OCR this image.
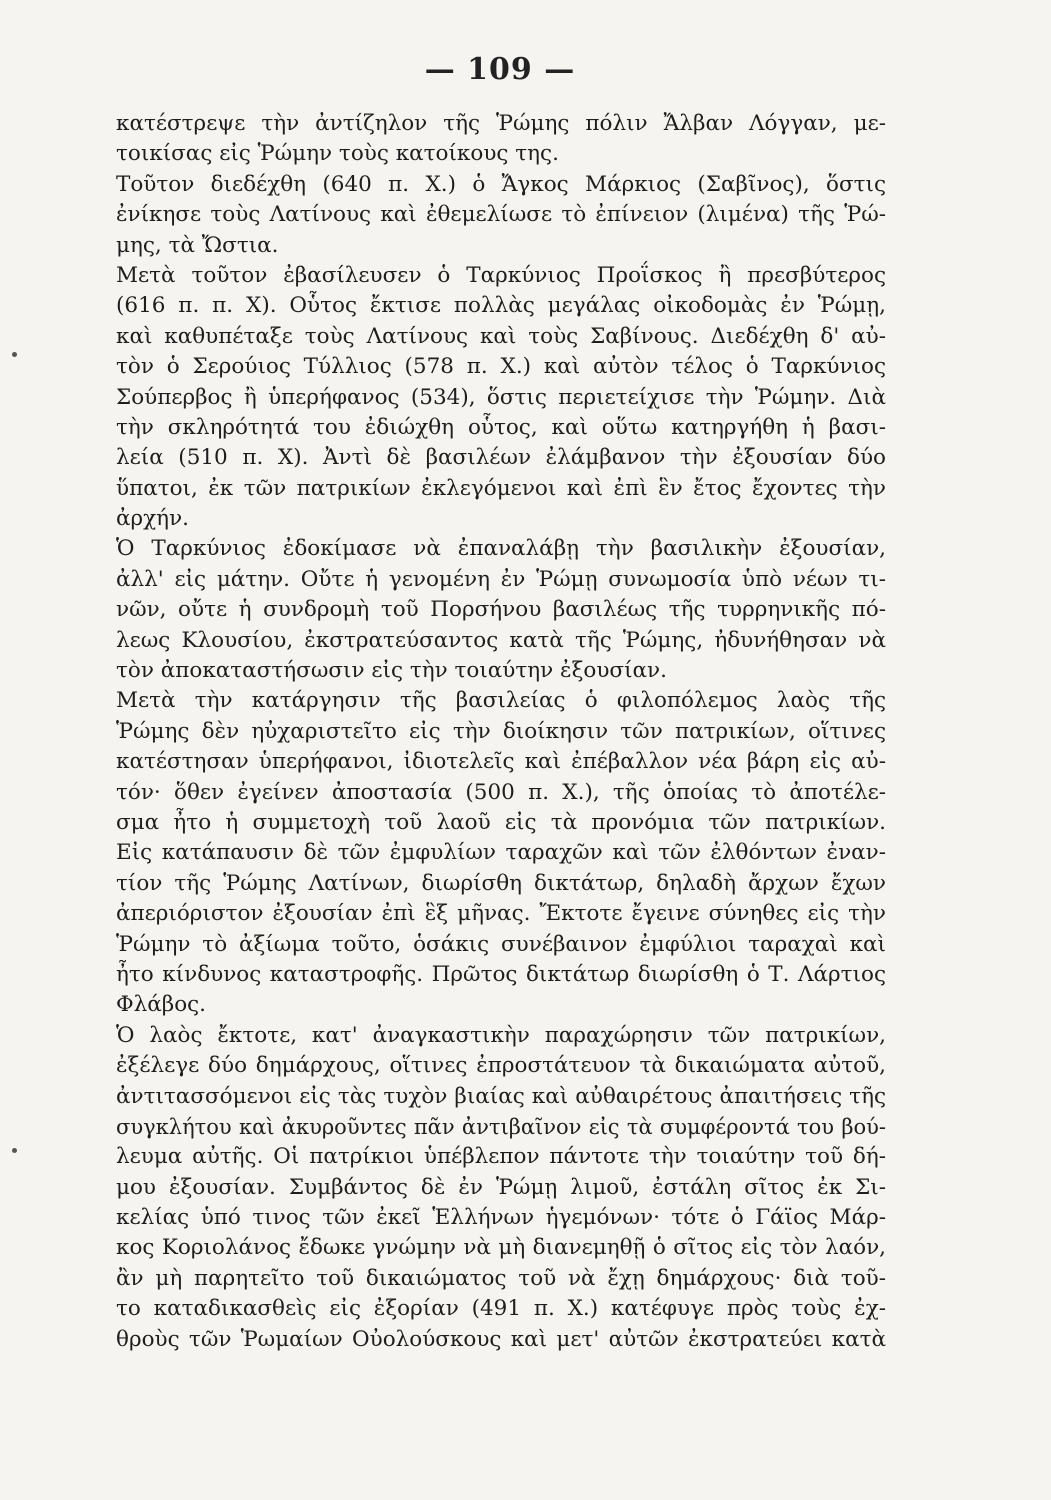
— 109 —
κατέστρεψε τὴν ἀντίζηλον τῆς Ῥώμης πόλιν Ἄλβαν Λόγγαν, με-
τοικίσας εἰς Ῥώμην τοὺς κατοίκους της.
Τοῦτον διεδέχθη (640 π. Χ.) ὁ Ἄγκος Μάρκιος (Σαβῖνος), ὅστις
ἐνίκησε τοὺς Λατίνους καὶ ἐθεμελίωσε τὸ ἐπίνειον (λιμένα) τῆς Ῥώ-
μης, τὰ Ὤστια.
Μετὰ τοῦτον ἐβασίλευσεν ὁ Ταρκύνιος Πρoΐσκος ἢ πρεσβύτερος
(616 π. π. Χ). Οὗτος ἔκτισε πολλὰς μεγάλας οἰκοδομὰς ἐν Ῥώμῃ,
καὶ καθυπέταξε τοὺς Λατίνους καὶ τοὺς Σαβίνους. Διεδέχθη δ' αὐ-
τὸν ὁ Σερούιος Τύλλιος (578 π. Χ.) καὶ αὐτὸν τέλος ὁ Ταρκύνιος
Σούπερβος ἢ ὑπερήφανος (534), ὅστις περιετείχισε τὴν Ῥώμην. Διὰ
τὴν σκληρότητά του ἐδιώχθη οὗτος, καὶ οὕτω κατηργήθη ἡ βασι-
λεία (510 π. Χ). Ἀντὶ δὲ βασιλέων ἐλάμβανον τὴν ἐξουσίαν δύο
ὕπατοι, ἐκ τῶν πατρικίων ἐκλεγόμενοι καὶ ἐπὶ ἓν ἔτος ἔχοντες τὴν
ἀρχήν.
Ὁ Ταρκύνιος ἐδοκίμασε νὰ ἐπαναλάβῃ τὴν βασιλικὴν ἐξουσίαν,
ἀλλ' εἰς μάτην. Οὔτε ἡ γενομένη ἐν Ῥώμῃ συνωμοσία ὑπὸ νέων τι-
νῶν, οὔτε ἡ συνδρομὴ τοῦ Πορσήνου βασιλέως τῆς τυρρηνικῆς πό-
λεως Κλουσίου, ἐκστρατεύσαντος κατὰ τῆς Ῥώμης, ἠδυνήθησαν νὰ
τὸν ἀποκαταστήσωσιν εἰς τὴν τοιαύτην ἐξουσίαν.
Μετὰ τὴν κατάργησιν τῆς βασιλείας ὁ φιλοπόλεμος λαὸς τῆς
Ῥώμης δὲν ηὐχαριστεῖτο εἰς τὴν διοίκησιν τῶν πατρικίων, οἵτινες
κατέστησαν ὑπερήφανοι, ἰδιοτελεῖς καὶ ἐπέβαλλον νέα βάρη εἰς αὐ-
τόν· ὅθεν ἐγείνεν ἀποστασία (500 π. Χ.), τῆς ὁποίας τὸ ἀποτέλε-
σμα ἦτο ἡ συμμετοχὴ τοῦ λαοῦ εἰς τὰ προνόμια τῶν πατρικίων.
Εἰς κατάπαυσιν δὲ τῶν ἐμφυλίων ταραχῶν καὶ τῶν ἐλθόντων ἐναν-
τίον τῆς Ῥώμης Λατίνων, διωρίσθη δικτάτωρ, δηλαδὴ ἄρχων ἔχων
ἀπεριόριστον ἐξουσίαν ἐπὶ ἓξ μῆνας. Ἔκτοτε ἔγεινε σύνηθες εἰς τὴν
Ῥώμην τὸ ἀξίωμα τοῦτο, ὁσάκις συνέβαινον ἐμφύλιοι ταραχαὶ καὶ
ἦτο κίνδυνος καταστροφῆς. Πρῶτος δικτάτωρ διωρίσθη ὁ Τ. Λάρτιος
Φλάβος.
Ὁ λαὸς ἔκτοτε, κατ' ἀναγκαστικὴν παραχώρησιν τῶν πατρικίων,
ἐξέλεγε δύο δημάρχους, οἵτινες ἐπροστάτευον τὰ δικαιώματα αὐτοῦ,
ἀντιτασσόμενοι εἰς τὰς τυχὸν βιαίας καὶ αὐθαιρέτους ἀπαιτήσεις τῆς
συγκλήτου καὶ ἀκυροῦντες πᾶν ἀντιβαῖνον εἰς τὰ συμφέροντά του βού-
λευμα αὐτῆς. Οἱ πατρίκιοι ὑπέβλεπον πάντοτε τὴν τοιαύτην τοῦ δή-
μου ἐξουσίαν. Συμβάντος δὲ ἐν Ῥώμῃ λιμοῦ, ἐστάλη σῖτος ἐκ Σι-
κελίας ὑπό τινος τῶν ἐκεῖ Ἑλλήνων ἡγεμόνων· τότε ὁ Γάϊος Μάρ-
κος Κοριολάνος ἔδωκε γνώμην νὰ μὴ διανεμηθῇ ὁ σῖτος εἰς τὸν λαόν,
ἂν μὴ παρητεῖτο τοῦ δικαιώματος τοῦ νὰ ἔχῃ δημάρχους· διὰ τοῦ-
το καταδικασθεὶς εἰς ἐξορίαν (491 π. Χ.) κατέφυγε πρὸς τοὺς ἐχ-
θροὺς τῶν Ῥωμαίων Οὐολούσκους καὶ μετ' αὐτῶν ἐκστρατεύει κατὰ
